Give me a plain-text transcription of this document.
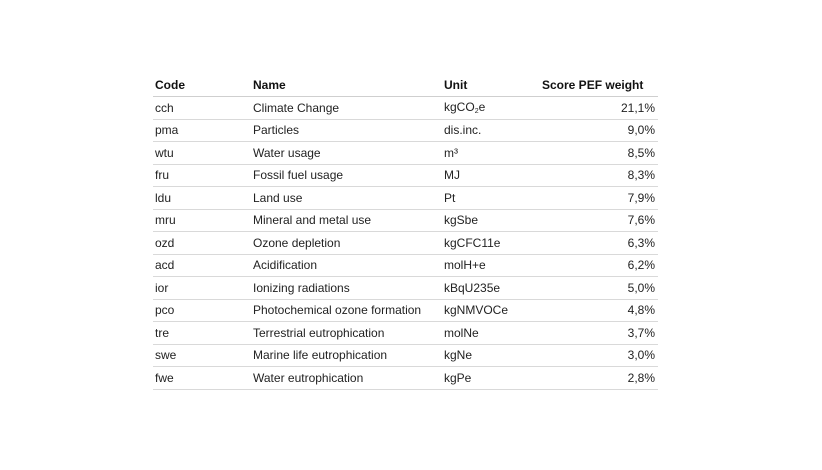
Code	Name	Unit	Score PEF weight
cch	Climate Change	kgCO$_2$e	21,1%
pma	Particles	dis.inc.	9,0%
wtu	Water usage	m³	8,5%
fru	Fossil fuel usage	MJ	8,3%
ldu	Land use	Pt	7,9%
mru	Mineral and metal use	kgSbe	7,6%
ozd	Ozone depletion	kgCFC11e	6,3%
acd	Acidification	molH+e	6,2%
ior	Ionizing radiations	kBqU235e	5,0%
pco	Photochemical ozone formation	kgNMVOCe	4,8%
tre	Terrestrial eutrophication	molNe	3,7%
swe	Marine life eutrophication	kgNe	3,0%
fwe	Water eutrophication	kgPe	2,8%
